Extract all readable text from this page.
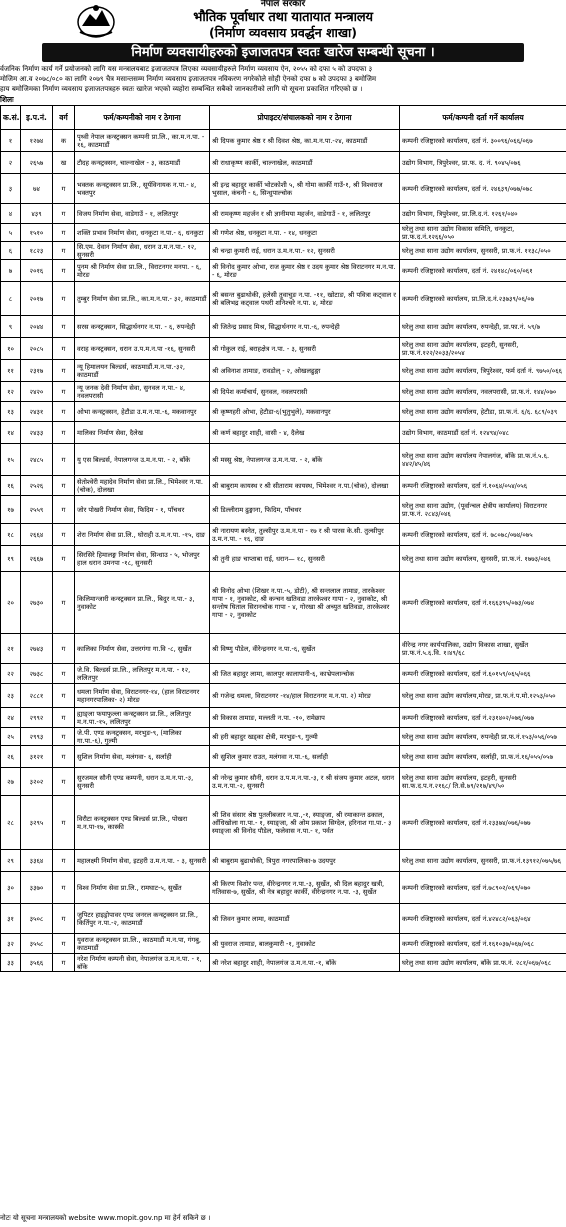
नेपाल सरकार
भौतिक पूर्वाधार तथा यातायात मन्त्रालय
(निर्माण व्यवसाय प्रवर्द्धन शाखा)
निर्माण व्यवसायीहरुको इजाजतपत्र स्वतः खारेज सम्बन्धी सूचना ।

र्वजनिक निर्माण कार्य गर्ने प्रयोजनको लागि यस मन्त्रालयबाट इजाजतपत्र लिएका व्यवसायीहरुले निर्माण व्यवसाय ऐन, २०५५ को दफा ५ को उपदफा ३

मोजिम आ.व २०७८/०८० का लागि २०७९ चैत्र मसान्तसम्म निर्माण व्यवसाय इजाजतपत्र नविकरण नगरेकोले सोही ऐनको दफा ७ को उपदफा ३ बमोजिम

हाय बमोजिमका निर्माण व्यवसाय इजाजतपत्रहरु स्वतः खारेज भएको व्यहोरा सम्बन्धित सबैको जानकारीको लागि यो सूचना प्रकाशित गरिएको छ ।

शिलः
क.सं.	इ.प.नं.	वर्ग	फर्म/कम्पनीको नाम र ठेगाना	प्रोपाइटर/संचालकको नाम र ठेगाना	फर्म/कम्पनी दर्ता गर्ने कार्यालय
१	१२७४	क	पृथ्वी नेपाल कन्स्ट्रक्सन कम्पनी प्रा.लि., का.म.न.पा. - १६, काठमाडौं	श्री दिपक कुमार श्रेष्ठ र श्री दिवश श्रेष्ठ, का.म.न.पा.-२४, काठमाडौं	कम्पनी रजिष्ट्रारको कार्यालय, दर्ता नं. ३००९६/०६६/०६७
२	२६५७	ख	टौदह कन्स्ट्रक्सन, चाल्नाखेल - ३, काठमाडौं	श्री राधाकृष्ण कार्की, चाल्नाखेल, काठमाडौं	उद्योग विभाग, त्रिपुरेश्वर, प्रा.फ. द. नं. ९०४५/०७६
३	७४	ग	भक्तक कन्स्ट्रक्सन प्रा.लि., सूर्यविनायक न.पा.- ४, भक्तपुर	श्री इन्द्र बहादुर कार्की भोटकोशी ५, श्री गोमा कार्की गाउँ-१, श्री विश्वराज भुसाल, कंचनी - ६, सिन्धुपाल्चोक	कम्पनी रजिष्ट्रारको कार्यालय, दर्ता नं. २४६३९/०७७/०७८
४	४३९	ग	विजय निर्माण सेवा, वाडेगाउँ - १, ललितपुर	श्री रामकृष्ण महर्जन र श्री ज्ञानीमया महर्जन, वाडेगाउँ - १, ललितपुर	उद्योग विभाग, त्रिपुरेश्वर, प्रा.लि.द.नं. १२६१/०४०
५	१५१०	ग	शक्ति प्रभाव निर्माण सेवा, धनकुटा न.पा.- ६, धनकुटा	श्री गणेश श्रेष्ठ, धनकुटा न.पा. - १४, धनकुटा	घरेलु तथा साना उद्योग विकास समिति, धनकुटा, प्रा.फ.द.नं.१२६६/०५०
६	१८२३	ग	सि.एम. देवान निर्माण सेवा, धरान उ.म.न.पा.- १२, सुनसरी	श्री चन्द्रा कुमारी राई, धरान उ.म.न.पा.- १२, सुनसरी	घरेलु तथा साना उद्योग कार्यालय, सुनसरी, प्रा.फ.नं. ११३८/०५०
७	२०१६	ग	पुनम श्री निर्माण सेवा प्रा.लि., विराटनगर मनपा. - ६, मोरङ	श्री विनोद कुमार ओभा, राज कुमार श्रेष्ठ र उदय कुमार श्रेष्ठ विराटनगर म.न.पा. - ६, मोरङ	कम्पनी रजिष्ट्रारको कार्यालय, दर्ता नं. २४१४८/०६०/०६१
८	२०१७	ग	तुम्बुर निर्माण सेवा प्रा.लि., का.म.न.पा.- ३२, काठमाडौं	श्री बसन्त बुढाथोकी, हलेसी तुवाचुङ न.पा. -११, खोटाङ, श्री पवित्रा कट्वाल र श्री बलिभद्र कट्वाल पथरी शनिश्चरे न.पा. ४, मोरङ	कम्पनी रजिष्ट्रारको कार्यालय, प्रा.लि.द.नं.२३७३९/०६/०७
९	२०४४	ग	सरस कन्स्ट्रक्सन, सिद्धार्थनगर न.पा. - ६, रुपन्देही	श्री जितेन्द्र प्रसाद मिश्र, सिद्धार्थनगर न.पा.-६, रुपन्देही	घरेलु तथा साना उद्योग कार्यालय, रुपन्देही, प्रा.फा.नं. ५९/७
१०	२०८५	ग	वराह कन्स्ट्रक्सन, धरान उ.प.म.न.पा -१६, सुनसरी	श्री गोकुल राई, बराहक्षेत्र न.पा. - ३, सुनसरी	घरेलु तथा साना उद्योग कार्यालय, इटहरी, सुनसरी, प्रा.फ.नं.१२२/२०३३/२०५४
११	२३१७	ग	न्यू हिमालयन बिल्डर्स, काठमाडौं.म.न.पा.-३२, काठमाडौं	श्री अविनाश तामाङ, रावडोल् - २, ओखलढुङ्गा	घरेलु तथा साना उद्योग कार्यालय, त्रिपुरेश्वर, फर्म दर्ता नं. ९७५०/०६६
१२	२४२०	ग	न्यू जनक देवी निर्माण सेवा, सुनवल न.पा.- ४, नवलपरासी	श्री दिपेश कर्माचार्य, सुनवल, नवलपरासी	घरेलु तथा साना उद्योग कार्यालय, नवलपरासी, प्रा.फ.नं. १४४/०७०
१३	२४३१	ग	ओभा कन्स्ट्रक्सन, हेटौडा उ.म.न.पा.-६, मकवानपुर	श्री कृष्णहरी ओभा, हेटौडा-६(भुतुभुले), मकवानपुर	घरेलु तथा साना उद्योग कार्यालय, हेटौडा, प्रा.फ.नं. ६/६. ६८९/०३९
१४	२४३३	ग	मालिका निर्माण सेवा, दैलेख	श्री कर्ण बहादुर शाही, वासी - ४, दैलेख	उद्योग विभाग, काठमाडौं दर्ता नं. १२४९४/०४८
१५	२४८५	ग	यु एस बिल्डर्स, नेपालगन्ज उ.म.न.पा. - २, बाँके	श्री मस्सु श्रेष्ठ, नेपालगन्ज उ.म.न.पा. - २, बाँके	घरेलु तथा साना उद्योग कार्यालय नेपालगंज, बाँके प्रा.फ.नं.५.६. ४४२/४५/४६
१६	२५२६	ग	सेतोश्वेरी महादेव निर्माण सेवा प्रा.लि., भिमेश्वर न.पा.(चोक), दोलखा	श्री बाबुराम कायस्थ र श्री सीताराम कायस्थ, भिमेश्वर न.पा.(चोक), दोलखा	कम्पनी रजिष्ट्रारको कार्यालय, दर्ता नं.१०६४/०५४/०५६
१७	२५५९	ग	जोर पोखरी निर्माण सेवा, फिदिम - १, पाँचथर	श्री डिल्लीराम ढुङ्गाना, फिदिम, पाँचथर	घरेलु तथा साना उद्योग, (पूर्वान्चल क्षेत्रीय कार्यालय) विराटनगर प्रा.फ.नं. २८४३/०४६
१८	२६६४	ग	शेरा निर्माण सेवा प्रा.लि., घोराही उ.म.न.पा. -१५, दाङ	श्री नारायण बस्नेत, तुल्सीपुर उ.म.न.पा - १७ र श्री पारस के.सी. तुल्सीपुर उ.म.न.पा. - १६, दाङ	कम्पनी रजिष्ट्रारको कार्यालय, दर्ता नं. ७८०७८/०७४/०७५
१९	२६६७	ग	सिरसिरे हिमालङ्ग निर्माण सेवा, सिन्धाउ - ५, भोजपुर हाल धरान उमनपा -१८, सुनसरी	श्री तुनी हाङ चाप्ताबा राई, धरान— १८, सुनसरी	घरेलु तथा साना उद्योग कार्यालय, सुनसरी, प्रा.फ.नं. १७७३/०४६
२०	२७३०	ग	किलिमान्जारी कन्स्ट्रक्सन प्रा.लि., बिदुर न.पा.- ३, नुवाकोट	श्री विनोद ओभा (शिखर न.पा.-५, डोटी), श्री सन्तलाल तामाङ, तारकेश्वर गापा - १, नुवाकोट, श्री कन्चन खतिवडा तारकेश्वर गापा - २, नुवाकोट, श्री सन्तोष घिताल सिरानचोक गापा - ४, गोरखा श्री अच्युत खतिवडा, तारकेश्वर गापा - २, नुवाकोट	कम्पनी रजिष्ट्रारको कार्यालय, दर्ता नं.१६६३९५/०७३/०७४
२१	२७४३	ग	कालिका निर्माण सेवा, उत्तरगंगा गा.वि -८, सुर्खेत	श्री विष्णु पौडेल, वीरेन्द्रनगर न.पा.-६, सुर्खेत	वीरेन्द्र नगर कार्यपालिका, उद्योग विकास शाखा, सुर्खेत प्रा.फ.नं.५.६.वि. १।४९/६८
२२	२७३८	ग	जे.वि. बिल्डर्स प्रा.लि., ललितपुर म.न.पा. - १२, ललितपुर	श्री जित बहादुर लामा, कालपुर कालापानी-६, काभ्रेपलान्चोक	कम्पनी रजिष्ट्रारको कार्यालय, दर्ता नं.६०१५९/०६५/०६६
२३	२८८१	ग	धमला निर्माण सेवा, विराटनगर-१४, (हाल विराटनगर महानगरपालिका- २) मोरङ	श्री गजेन्द्र धमला, विराटनगर -१४/हाल विराटनगर म.न.पा. २) मोरङ	घरेलु तथा साना उद्योग कार्यालय,मोरङ, प्रा.फ.नं.प.मो.१२५३/०५०
२४	२९९२	ग	ह्याङ्ला फयाफुल्ला कन्स्ट्रक्सन प्रा.लि., ललितपुर म.न.पा.-१५, ललितपुर	श्री विकास तामाङ, मल्लती न.पा. -१०, रामेछाप	कम्पनी रजिष्ट्रारको कार्यालय, दर्ता नं.२३१४०२/०७६/०७७
२५	२९९३	ग	जे.पी. एण्ड कन्स्ट्रक्सन, मरभुङ-९, (मालिका गा.पा.-६), गुल्मी	श्री हरी बहादुर खड्का क्षेत्री, मरभुङ-९, गुल्मी	घरेलु तथा साना उद्योग कार्यालय, रुपन्देही प्रा.फ.नं.१५३/०५६/०५७
२६	३१२१	ग	सुशिल निर्माण सेवा, मलंगवा- ६, सर्लाही	श्री सुशिल कुमार राउत, मलंगवा न.पा.-६, सर्लाही	घरेलु तथा साना उद्योग कार्यालय, सर्लाही, प्रा.फ.नं.१६/०५५/०५७
२७	३२०२	ग	सुरजमल सौनी एण्ड कम्पनी, धरान उ.म.न.पा.-३, सुनसरी	श्री नरेन्द्र कुमार सौनी, धरान उ.प.म.न.पा.-३, र श्री संजय कुमार अटल, धरान उ.म.न.पा.-२, सुनसरी	घरेलु तथा साना उद्योग कार्यालय, इटहरी, सुनसरी सा.फ.द.प.न.२१६८/ ति.से.७९/२१७/४९/५०
२८	३२९५	ग	विरौटा कन्स्ट्रक्सन एण्ड बिल्डर्स प्रा.लि., पोखरा म.न.पा-१७, कास्की	श्री शिव संसार श्रेष्ठ पुतलीबजार न.पा.,-१, स्याङ्जा, श्री रमाकान्त ढकाल, आँधिखोला गा.पा.- १, स्याङ्जा, श्री ओम प्रकाश सिग्देल, हरिनाश गा.पा.- ३ स्याङ्जा श्री विनोद पौडेल, फलेवास न.पा.- १, पर्वत	कम्पनी रजिष्ट्रारको कार्यालय, दर्ता नं.२३३७४/०७६/०७७
२९	३३६४	ग	महालक्ष्मी निर्माण सेवा, इटहरी उ.म.न.पा. - ३, सुनसरी	श्री बाबुराम बुढाथोकी, त्रिपुरा नगरपालिका-७ उदयपुर	घरेलु तथा साना उद्योग कार्यालय, सुनसरी, प्रा.फ.नं.१३९१२/०७५/७६
३०	३३७०	ग	विश्व निर्माण सेवा प्रा.लि., रामघाट-५, सुर्खेत	श्री किरण विशोर पन्त, वीरेन्द्रनगर न.पा.-३, सुर्खेत, श्री दिल बहादुर खत्री, गतिवास-७, सुर्खेत, श्री नेत्र बहादुर कार्की, वीरेन्द्रनगर न.पा. -३, सुर्खेत	कम्पनी रजिष्ट्रारको कार्यालय, दर्ता नं.७८९०२/०६९/०७०
३१	३५०८	ग	जुपिटर हाइड्रोपावर एण्ड जनरल कन्स्ट्रक्सन प्रा.लि., किर्तिपुर न.पा.-२, काठमाडौं	श्री जिवन कुमार लामा, काठमाडौं	कम्पनी रजिष्ट्रारको कार्यालय, दर्ता नं.४२४८२/०६३/०६४
३२	३५५८	ग	युवराज कन्स्ट्रक्सन प्रा.लि., काठमाडौं म.न.पा, गंगबु, काठमाडौं	श्री युवराज तामाङ, बालकुमारी -१, नुवाकोट	कम्पनी रजिष्ट्रारको कार्यालय, दर्ता नं.१६१०३७/०६७/०६८
३३	३५६६	ग	नरेश निर्माण कम्पनी सेवा, नेपालगंज उ.म.न.पा. - १, बाँके	श्री नरेश बहादुर शाही, नेपालगंज उ.म.न.पा.-१, बाँके	घरेलु तथा साना उद्योग कार्यालय, बाँके प्रा.फ.नं. २८१/०६७/०६८
नोटः यो सूचना मन्त्रालयको website www.mopit.gov.np मा हेर्न सकिने छ ।
